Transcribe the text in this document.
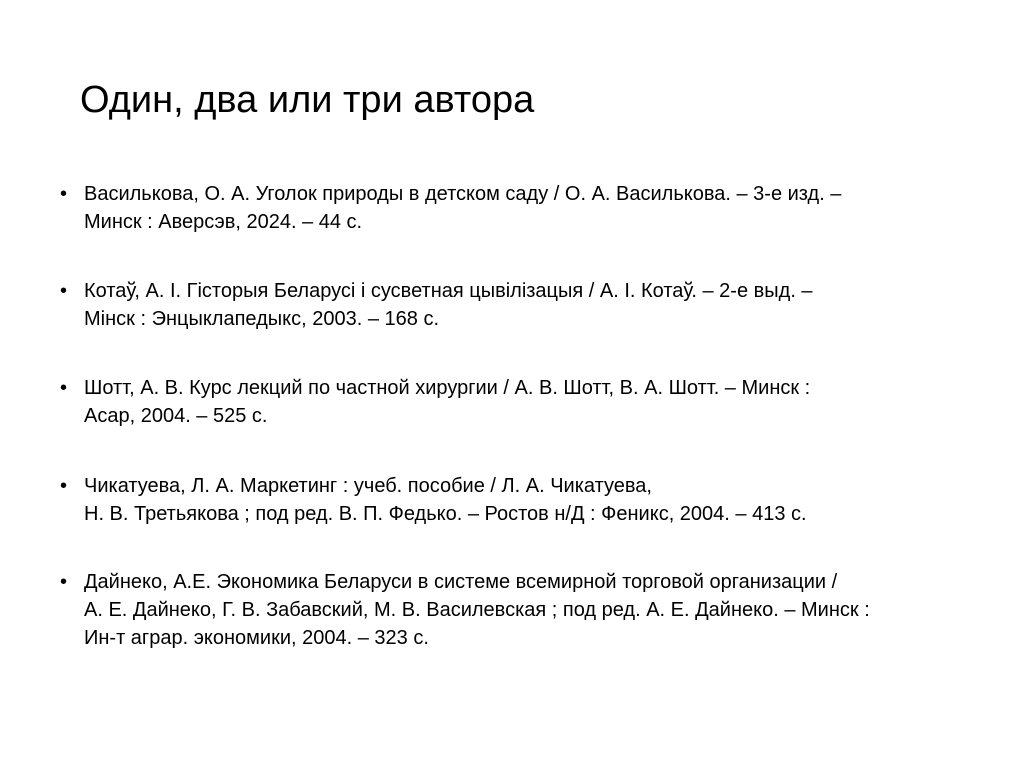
Один, два или три автора
• Василькова, О. А. Уголок природы в детском саду / О. А. Василькова. – 3-е изд. –
Минск : Аверсэв, 2024. – 44 с.
• Котаў, А. І. Гісторыя Беларусі і сусветная цывілізацыя / А. І. Котаў. – 2-е выд. –
Мінск : Энцыклапедыкс, 2003. – 168 с.
• Шотт, А. В. Курс лекций по частной хирургии / А. В. Шотт, В. А. Шотт. – Минск :
Асар, 2004. – 525 с.
• Чикатуева, Л. А. Маркетинг : учеб. пособие / Л. А. Чикатуева,
Н. В. Третьякова ; под ред. В. П. Федько. – Ростов н/Д : Феникс, 2004. – 413 с.
• Дайнеко, А.Е. Экономика Беларуси в системе всемирной торговой организации /
А. Е. Дайнеко, Г. В. Забавский, М. В. Василевская ; под ред. А. Е. Дайнеко. – Минск :
Ин-т аграр. экономики, 2004. – 323 с.
